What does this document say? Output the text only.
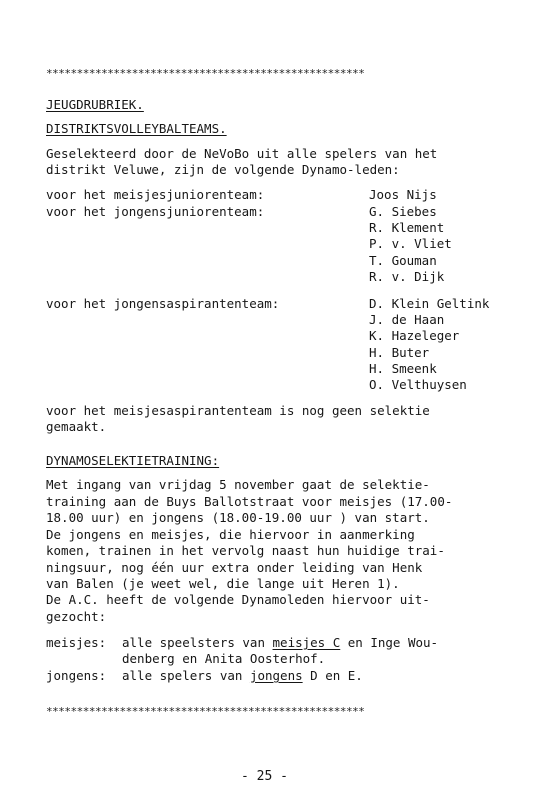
****************************************************
JEUGDRUBRIEK.
DISTRIKTSVOLLEYBALTEAMS.
Geselekteerd door de NeVoBo uit alle spelers van het
distrikt Veluwe, zijn de volgende Dynamo-leden:
voor het meisjesjuniorenteam:	Joos Nijs
voor het jongensjuniorenteam:	G. Siebes
R. Klement
P. v. Vliet
T. Gouman
R. v. Dijk
voor het jongensaspirantenteam:	D. Klein Geltink
J. de Haan
K. Hazeleger
H. Buter
H. Smeenk
O. Velthuysen
voor het meisjesaspirantenteam is nog geen selektie
gemaakt.
DYNAMOSELEKTIETRAINING:
Met ingang van vrijdag 5 november gaat de selektie-
training aan de Buys Ballotstraat voor meisjes (17.00-
18.00 uur) en jongens (18.00-19.00 uur ) van start.
De jongens en meisjes, die hiervoor in aanmerking
komen, trainen in het vervolg naast hun huidige trai-
ningsuur, nog één uur extra onder leiding van Henk
van Balen (je weet wel, die lange uit Heren 1).
De A.C. heeft de volgende Dynamoleden hiervoor uit-
gezocht:
meisjes: alle speelsters van meisjes C en Inge Wou-
denberg en Anita Oosterhof.
jongens: alle spelers van jongens D en E.
****************************************************
- 25 -
